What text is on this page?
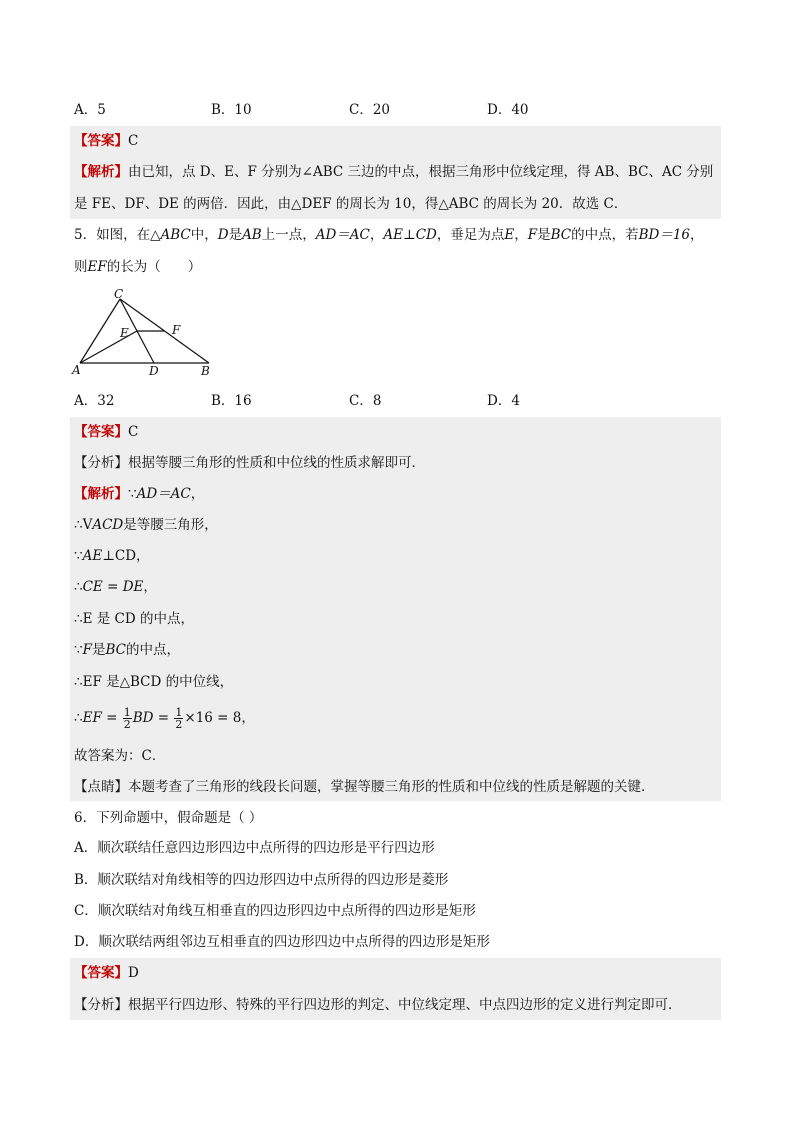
A．5	B．10	C．20	D．40
【答案】C
【解析】由已知，点 D、E、F 分别为∠ABC 三边的中点，根据三角形中位线定理，得 AB、BC、AC 分别
是 FE、DF、DE 的两倍．因此，由△DEF 的周长为 10，得△ABC 的周长为 20．故选 C．
5．如图，在△ABC中，D是AB上一点，AD＝AC，AE⊥CD，垂足为点E，F是BC的中点，若BD＝16，
则EF的长为（　　）
C
E	F
A	D	B
A．32	B．16	C．8	D．4
【答案】C
【分析】根据等腰三角形的性质和中位线的性质求解即可．
【解析】∵AD＝AC，
∴VACD是等腰三角形，
∵AE⊥CD，
∴CE = DE，
∴E 是 CD 的中点，
∵F是BC的中点，
∴EF 是△BCD 的中位线，
∴EF = $\frac{1}{2}$ BD = $\frac{1}{2} \times 16 = 8$，
故答案为：C．
【点睛】本题考查了三角形的线段长问题，掌握等腰三角形的性质和中位线的性质是解题的关键．
6．下列命题中，假命题是（ ）
A．顺次联结任意四边形四边中点所得的四边形是平行四边形
B．顺次联结对角线相等的四边形四边中点所得的四边形是菱形
C．顺次联结对角线互相垂直的四边形四边中点所得的四边形是矩形
D．顺次联结两组邻边互相垂直的四边形四边中点所得的四边形是矩形
【答案】D
【分析】根据平行四边形、特殊的平行四边形的判定、中位线定理、中点四边形的定义进行判定即可．
